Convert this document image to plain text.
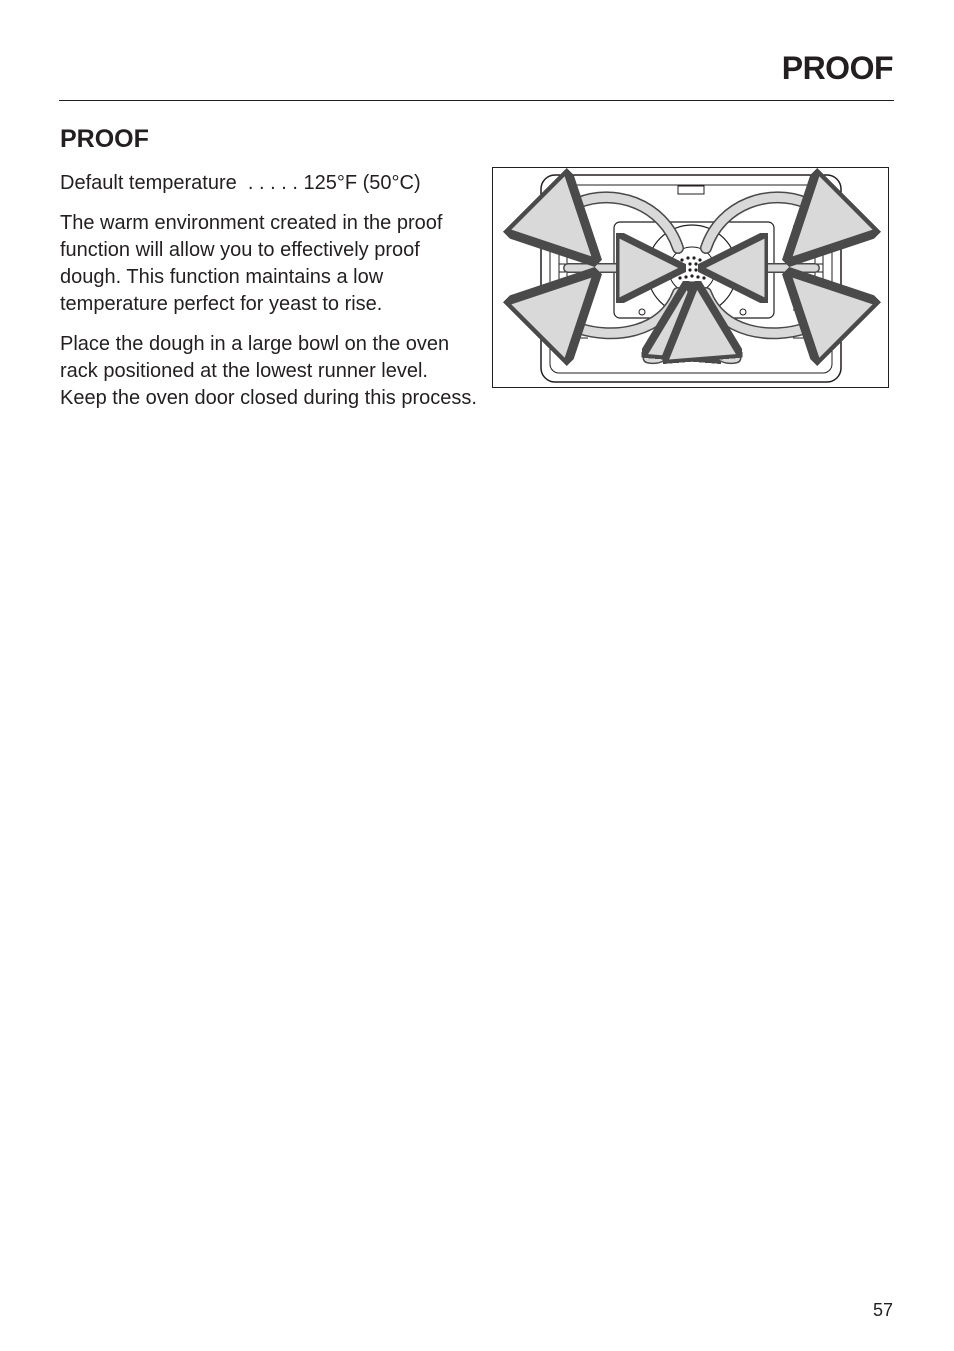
PROOF
PROOF

Default temperature . . . . . 125°F (50°C)

The warm environment created in the proof function will allow you to effectively proof dough. This function maintains a low temperature perfect for yeast to rise.

Place the dough in a large bowl on the oven rack positioned at the lowest runner level. Keep the oven door closed during this process.

57
